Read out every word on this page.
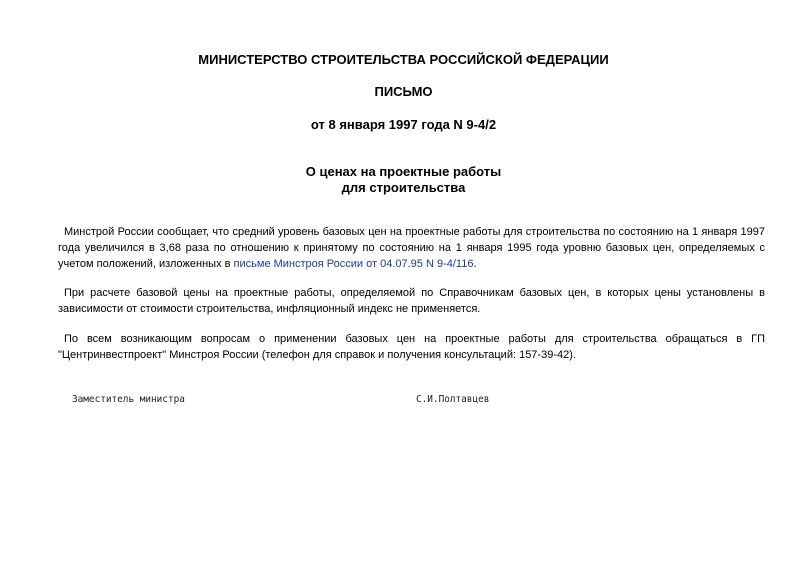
МИНИСТЕРСТВО СТРОИТЕЛЬСТВА РОССИЙСКОЙ ФЕДЕРАЦИИ

ПИСЬМО

от 8 января 1997 года N 9-4/2

О ценах на проектные работы

для строительства

Минстрой России сообщает, что средний уровень базовых цен на проектные работы для строительства по состоянию на 1 января 1997 года увеличился в 3,68 раза по отношению к принятому по состоянию на 1 января 1995 года уровню базовых цен, определяемых с учетом положений, изложенных в письме Минстроя России от 04.07.95 N 9-4/116.

При расчете базовой цены на проектные работы, определяемой по Справочникам базовых цен, в которых цены установлены в зависимости от стоимости строительства, инфляционный индекс не применяется.

По всем возникающим вопросам о применении базовых цен на проектные работы для строительства обращаться в ГП "Центринвестпроект" Минстроя России (телефон для справок и получения консультаций: 157-39-42).

Заместитель министра	С.И.Полтавцев
